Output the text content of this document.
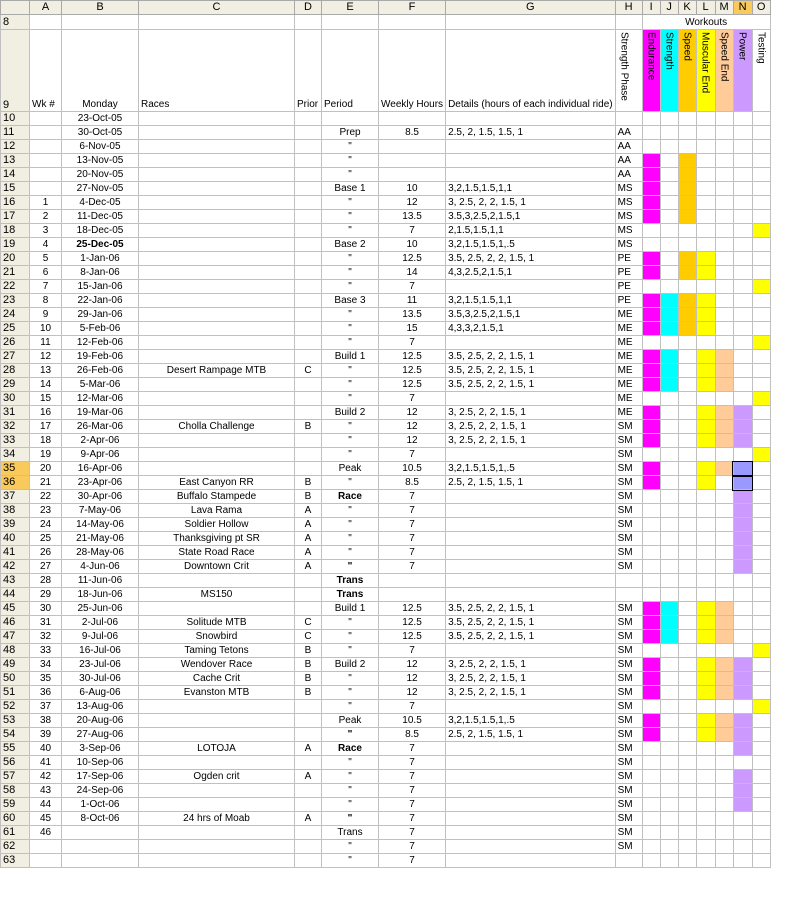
	A	B	C	D	E	F	G	H	I	J	K	L	M	N	O
8									Workouts						
9	Wk #	Monday	Races	Prior	Period	Weekly Hours	Details (hours of each individual ride)	Strength Phase	Endurance	Strength	Speed	Muscular End	Speed End	Power	Testing

10		23-Oct-05													
11		30-Oct-05			Prep	8.5	2.5, 2, 1.5, 1.5, 1	AA							
12		6-Nov-05			"			AA							
13		13-Nov-05			"			AA							
14		20-Nov-05			"			AA							
15		27-Nov-05			Base 1	10	3,2,1.5,1.5,1,1	MS							
16	1	4-Dec-05			"	12	3, 2.5, 2, 2, 1.5, 1	MS							
17	2	11-Dec-05			"	13.5	3.5,3,2.5,2,1.5,1	MS							
18	3	18-Dec-05			"	7	2,1.5,1.5,1,1	MS							
19	4	25-Dec-05			Base 2	10	3,2,1.5,1.5,1,.5	MS							
20	5	1-Jan-06			"	12.5	3.5, 2.5, 2, 2, 1.5, 1	PE							
21	6	8-Jan-06			"	14	4,3,2.5,2,1.5,1	PE							
22	7	15-Jan-06			"	7		PE							
23	8	22-Jan-06			Base 3	11	3,2,1.5,1.5,1,1	PE							
24	9	29-Jan-06			"	13.5	3.5,3,2.5,2,1.5,1	ME							
25	10	5-Feb-06			"	15	4,3,3,2,1.5,1	ME							
26	11	12-Feb-06			"	7		ME							
27	12	19-Feb-06			Build 1	12.5	3.5, 2.5, 2, 2, 1.5, 1	ME							
28	13	26-Feb-06	Desert Rampage MTB	C	"	12.5	3.5, 2.5, 2, 2, 1.5, 1	ME							
29	14	5-Mar-06			"	12.5	3.5, 2.5, 2, 2, 1.5, 1	ME							
30	15	12-Mar-06			"	7		ME							
31	16	19-Mar-06			Build 2	12	3, 2.5, 2, 2, 1.5, 1	ME							
32	17	26-Mar-06	Cholla Challenge	B	"	12	3, 2.5, 2, 2, 1.5, 1	SM							
33	18	2-Apr-06			"	12	3, 2.5, 2, 2, 1.5, 1	SM							
34	19	9-Apr-06			"	7		SM							
35	20	16-Apr-06			Peak	10.5	3,2,1.5,1.5,1,.5	SM							
36	21	23-Apr-06	East Canyon RR	B	"	8.5	2.5, 2, 1.5, 1.5, 1	SM							
37	22	30-Apr-06	Buffalo Stampede	B	Race	7		SM							
38	23	7-May-06	Lava Rama	A	"	7		SM							
39	24	14-May-06	Soldier Hollow	A	"	7		SM							
40	25	21-May-06	Thanksgiving pt SR	A	"	7		SM							
41	26	28-May-06	State Road Race	A	"	7		SM							
42	27	4-Jun-06	Downtown Crit	A	"	7		SM							
43	28	11-Jun-06			Trans										
44	29	18-Jun-06	MS150		Trans										
45	30	25-Jun-06			Build 1	12.5	3.5, 2.5, 2, 2, 1.5, 1	SM							
46	31	2-Jul-06	Solitude MTB	C	"	12.5	3.5, 2.5, 2, 2, 1.5, 1	SM							
47	32	9-Jul-06	Snowbird	C	"	12.5	3.5, 2.5, 2, 2, 1.5, 1	SM							
48	33	16-Jul-06	Taming Tetons	B	"	7		SM							
49	34	23-Jul-06	Wendover Race	B	Build 2	12	3, 2.5, 2, 2, 1.5, 1	SM							
50	35	30-Jul-06	Cache Crit	B	"	12	3, 2.5, 2, 2, 1.5, 1	SM							
51	36	6-Aug-06	Evanston MTB	B	"	12	3, 2.5, 2, 2, 1.5, 1	SM							
52	37	13-Aug-06			"	7		SM							
53	38	20-Aug-06			Peak	10.5	3,2,1.5,1.5,1,.5	SM							
54	39	27-Aug-06			"	8.5	2.5, 2, 1.5, 1.5, 1	SM							
55	40	3-Sep-06	LOTOJA	A	Race	7		SM							
56	41	10-Sep-06			"	7		SM							
57	42	17-Sep-06	Ogden crit	A	"	7		SM							
58	43	24-Sep-06			"	7		SM							
59	44	1-Oct-06			"	7		SM							
60	45	8-Oct-06	24 hrs of Moab	A	"	7		SM							
61	46				Trans	7		SM							
62					"	7		SM							
63					"	7									
